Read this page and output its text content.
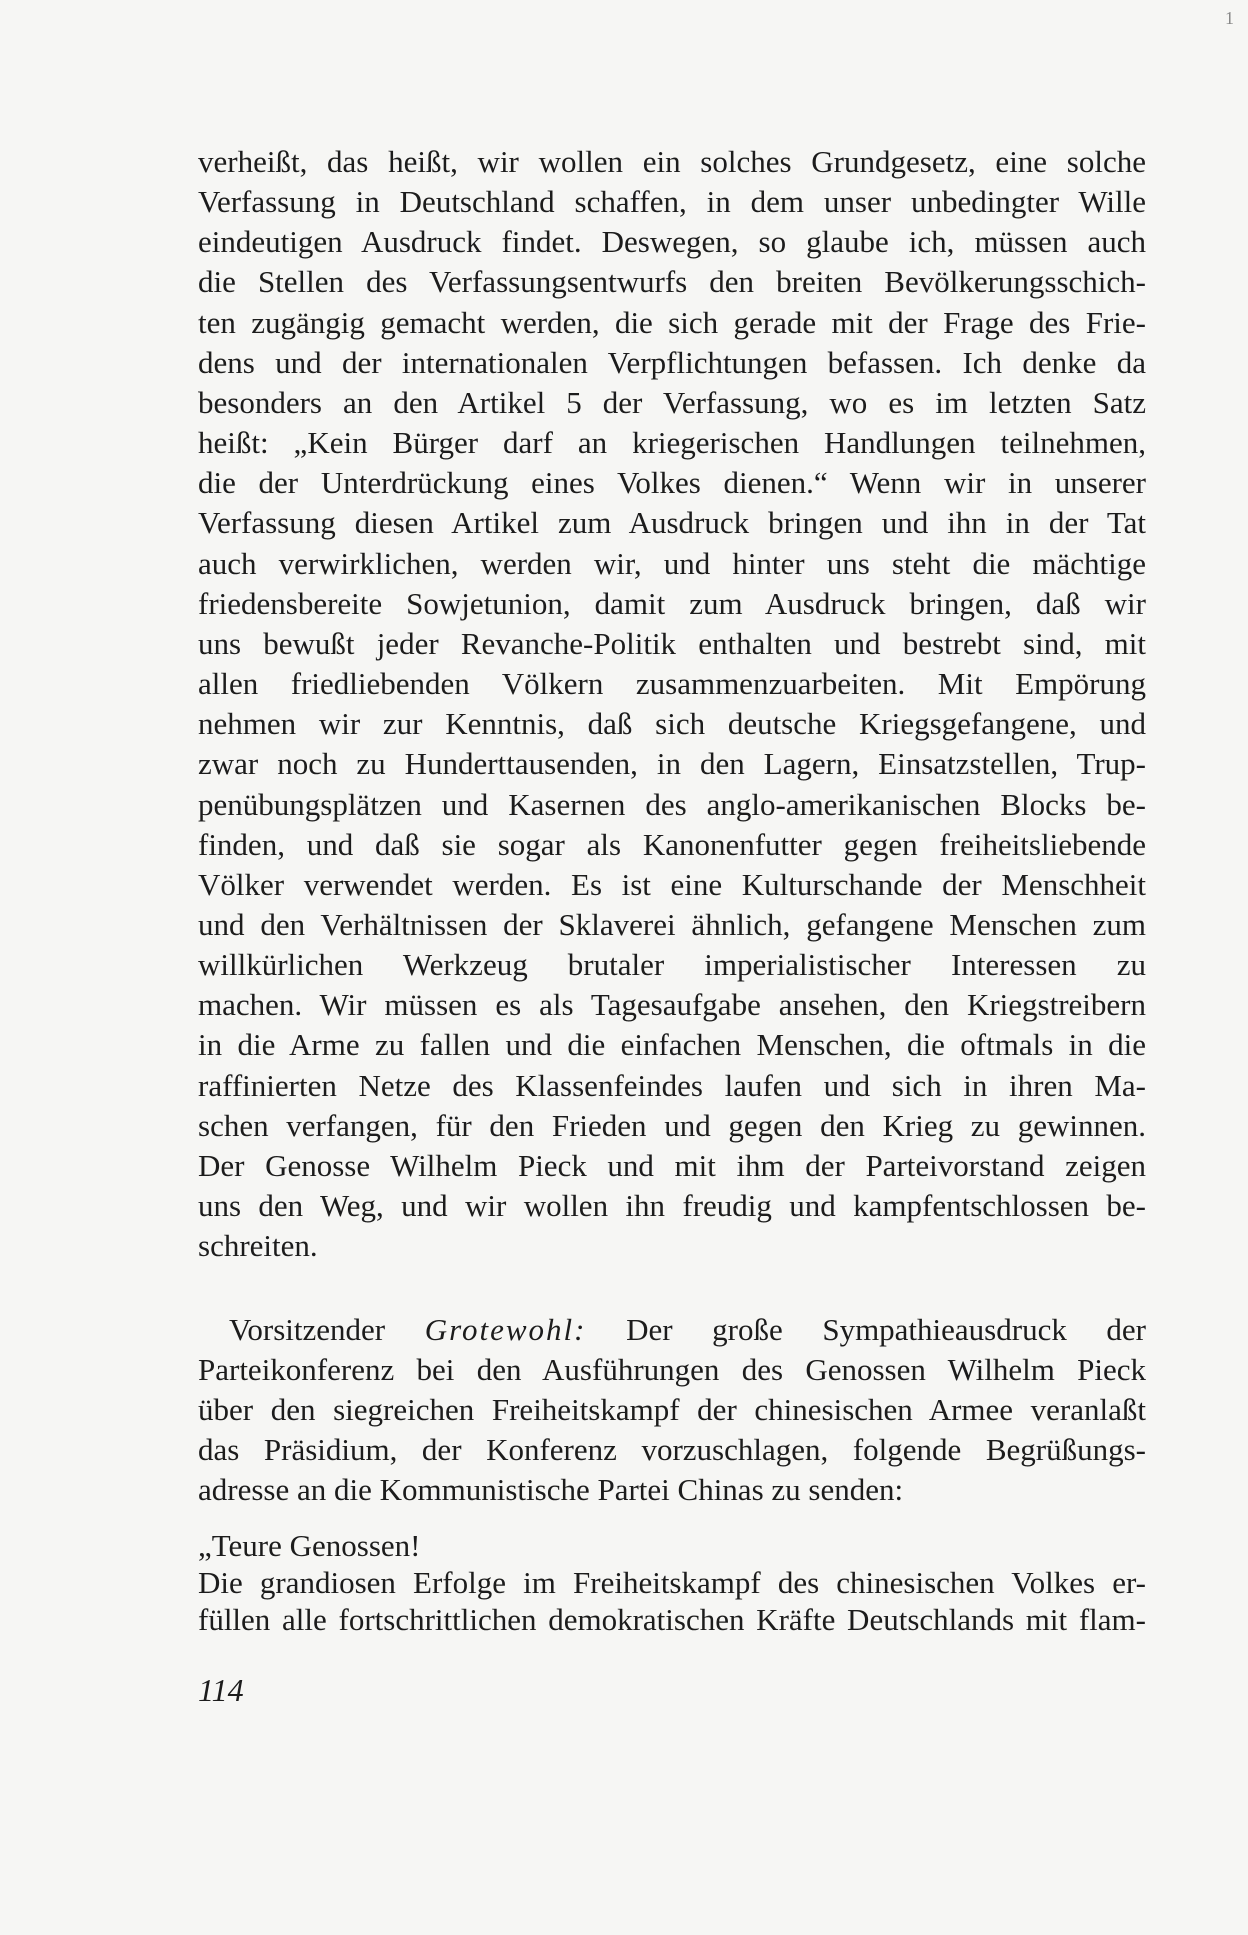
1
verheißt, das heißt, wir wollen ein solches Grundgesetz, eine solche
Verfassung in Deutschland schaffen, in dem unser unbedingter Wille
eindeutigen Ausdruck findet. Deswegen, so glaube ich, müssen auch
die Stellen des Verfassungsentwurfs den breiten Bevölkerungsschich-
ten zugängig gemacht werden, die sich gerade mit der Frage des Frie-
dens und der internationalen Verpflichtungen befassen. Ich denke da
besonders an den Artikel 5 der Verfassung, wo es im letzten Satz
heißt: „Kein Bürger darf an kriegerischen Handlungen teilnehmen,
die der Unterdrückung eines Volkes dienen.“ Wenn wir in unserer
Verfassung diesen Artikel zum Ausdruck bringen und ihn in der Tat
auch verwirklichen, werden wir, und hinter uns steht die mächtige
friedensbereite Sowjetunion, damit zum Ausdruck bringen, daß wir
uns bewußt jeder Revanche-Politik enthalten und bestrebt sind, mit
allen friedliebenden Völkern zusammenzuarbeiten. Mit Empörung
nehmen wir zur Kenntnis, daß sich deutsche Kriegsgefangene, und
zwar noch zu Hunderttausenden, in den Lagern, Einsatzstellen, Trup-
penübungsplätzen und Kasernen des anglo-amerikanischen Blocks be-
finden, und daß sie sogar als Kanonenfutter gegen freiheitsliebende
Völker verwendet werden. Es ist eine Kulturschande der Menschheit
und den Verhältnissen der Sklaverei ähnlich, gefangene Menschen zum
willkürlichen Werkzeug brutaler imperialistischer Interessen zu
machen. Wir müssen es als Tagesaufgabe ansehen, den Kriegstreibern
in die Arme zu fallen und die einfachen Menschen, die oftmals in die
raffinierten Netze des Klassenfeindes laufen und sich in ihren Ma-
schen verfangen, für den Frieden und gegen den Krieg zu gewinnen.
Der Genosse Wilhelm Pieck und mit ihm der Parteivorstand zeigen
uns den Weg, und wir wollen ihn freudig und kampfentschlossen be-
schreiten.
Vorsitzender Grotewohl: Der große Sympathieausdruck der
Parteikonferenz bei den Ausführungen des Genossen Wilhelm Pieck
über den siegreichen Freiheitskampf der chinesischen Armee veranlaßt
das Präsidium, der Konferenz vorzuschlagen, folgende Begrüßungs-
adresse an die Kommunistische Partei Chinas zu senden:
„Teure Genossen!
Die grandiosen Erfolge im Freiheitskampf des chinesischen Volkes er-
füllen alle fortschrittlichen demokratischen Kräfte Deutschlands mit flam-
114
